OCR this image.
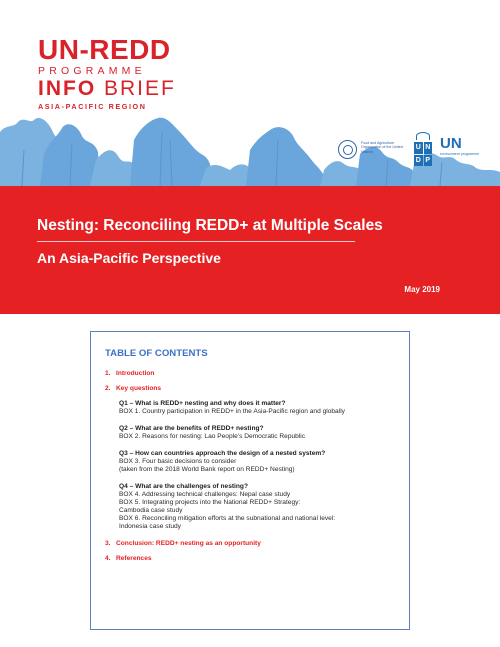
UN-REDD
PROGRAMME
INFO BRIEF
ASIA-PACIFIC REGION
Food and Agriculture Organization of the United Nations
U N
D P
UN
environment programme
Nesting: Reconciling REDD+ at Multiple Scales
An Asia-Pacific Perspective
May 2019
TABLE OF CONTENTS
1. Introduction
2. Key questions
Q1 – What is REDD+ nesting and why does it matter?
BOX 1. Country participation in REDD+ in the Asia-Pacific region and globally
Q2 – What are the benefits of REDD+ nesting?
BOX 2. Reasons for nesting: Lao People’s Democratic Republic
Q3 – How can countries approach the design of a nested system?
BOX 3. Four basic decisions to consider
(taken from the 2018 World Bank report on REDD+ Nesting)
Q4 – What are the challenges of nesting?
BOX 4. Addressing technical challenges: Nepal case study
BOX 5. Integrating projects into the National REDD+ Strategy:
Cambodia case study
BOX 6. Reconciling mitigation efforts at the subnational and national level:
Indonesia case study
3. Conclusion: REDD+ nesting as an opportunity
4. References
